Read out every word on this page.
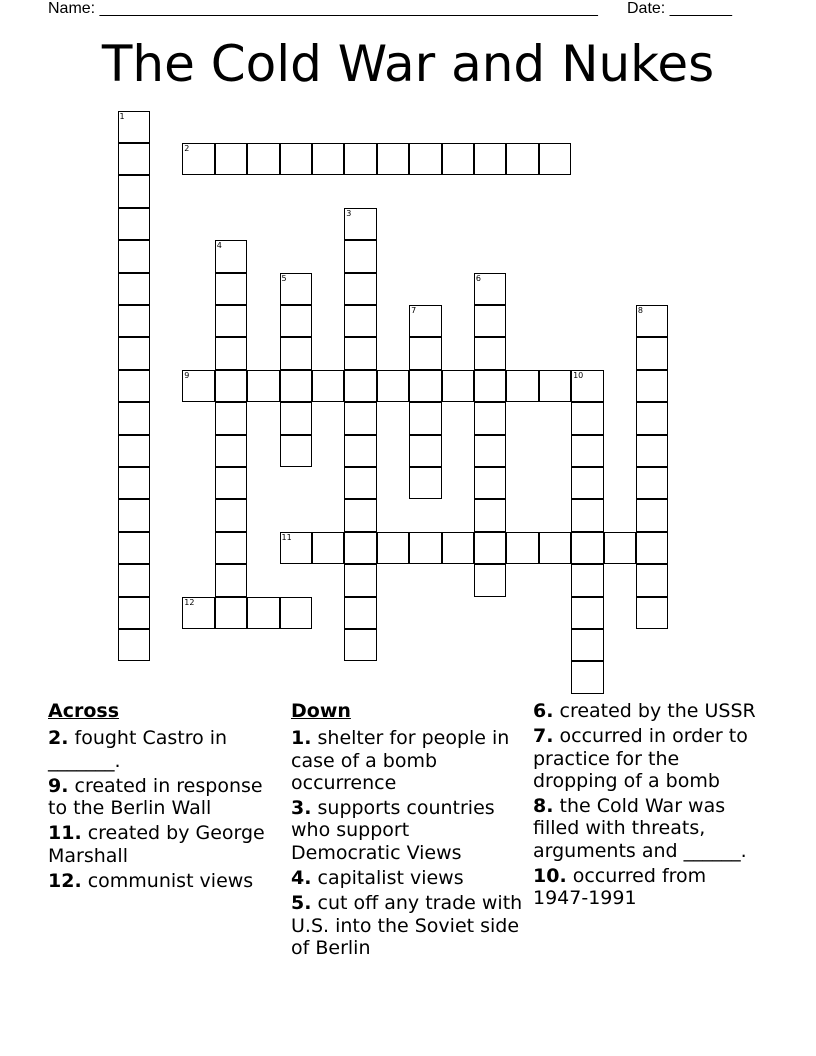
Name: ________________________________________________________ Date: _______
The Cold War and Nukes
1
2
3
4
5	6
7	8
9	10
11
12
Across
2. fought Castro in _______.
9. created in response to the Berlin Wall
11. created by George Marshall
12. communist views
Down
1. shelter for people in case of a bomb occurrence
3. supports countries who support Democratic Views
4. capitalist views
5. cut off any trade with U.S. into the Soviet side of Berlin
6. created by the USSR
7. occurred in order to practice for the dropping of a bomb
8. the Cold War was filled with threats, arguments and ______.
10. occurred from 1947-1991
